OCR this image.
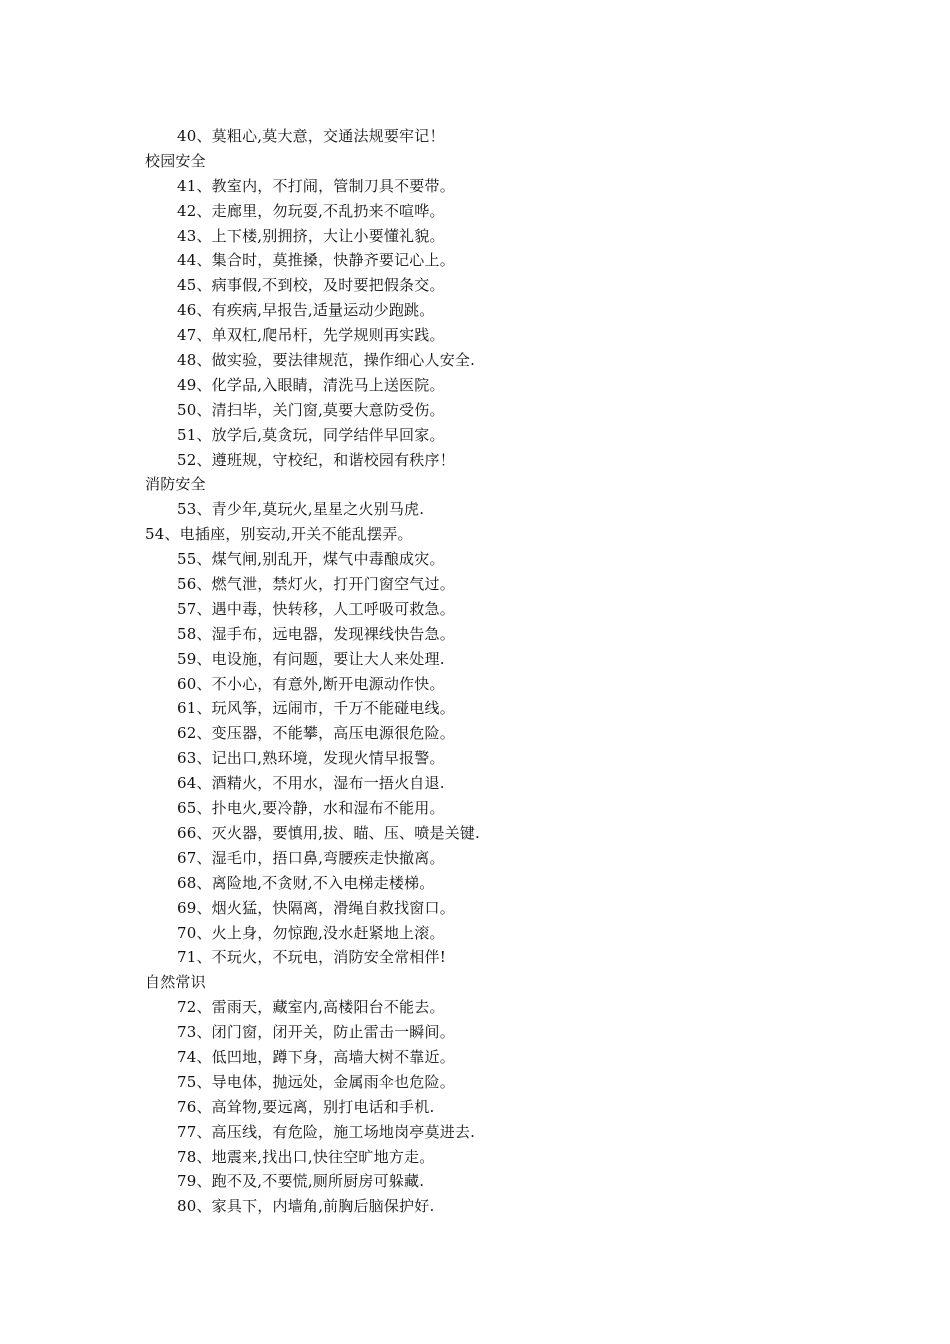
40、莫粗心,莫大意，交通法规要牢记！
校园安全
41、教室内，不打闹，管制刀具不要带。
42、走廊里，勿玩耍,不乱扔来不喧哗。
43、上下楼,别拥挤，大让小要懂礼貌。
44、集合时，莫推搡，快静齐要记心上。
45、病事假,不到校，及时要把假条交。
46、有疾病,早报告,适量运动少跑跳。
47、单双杠,爬吊杆，先学规则再实践。
48、做实验，要法律规范，操作细心人安全.
49、化学品,入眼睛，清洗马上送医院。
50、清扫毕，关门窗,莫要大意防受伤。
51、放学后,莫贪玩，同学结伴早回家。
52、遵班规，守校纪，和谐校园有秩序！
消防安全
53、青少年,莫玩火,星星之火别马虎.
54、电插座，别妄动,开关不能乱摆弄。
55、煤气闸,别乱开，煤气中毒酿成灾。
56、燃气泄，禁灯火，打开门窗空气过。
57、遇中毒，快转移，人工呼吸可救急。
58、湿手布，远电器，发现裸线快告急。
59、电设施，有问题，要让大人来处理.
60、不小心，有意外,断开电源动作快。
61、玩风筝，远闹市，千万不能碰电线。
62、变压器，不能攀，高压电源很危险。
63、记出口,熟环境，发现火情早报警。
64、酒精火，不用水，湿布一捂火自退.
65、扑电火,要冷静，水和湿布不能用。
66、灭火器，要慎用,拔、瞄、压、喷是关键.
67、湿毛巾，捂口鼻,弯腰疾走快撤离。
68、离险地,不贪财,不入电梯走楼梯。
69、烟火猛，快隔离，滑绳自救找窗口。
70、火上身，勿惊跑,没水赶紧地上滚。
71、不玩火，不玩电，消防安全常相伴!
自然常识
72、雷雨天，藏室内,高楼阳台不能去。
73、闭门窗，闭开关，防止雷击一瞬间。
74、低凹地，蹲下身，高墙大树不靠近。
75、导电体，抛远处，金属雨伞也危险。
76、高耸物,要远离，别打电话和手机.
77、高压线，有危险，施工场地岗亭莫进去.
78、地震来,找出口,快往空旷地方走。
79、跑不及,不要慌,厕所厨房可躲藏.
80、家具下，内墙角,前胸后脑保护好.
